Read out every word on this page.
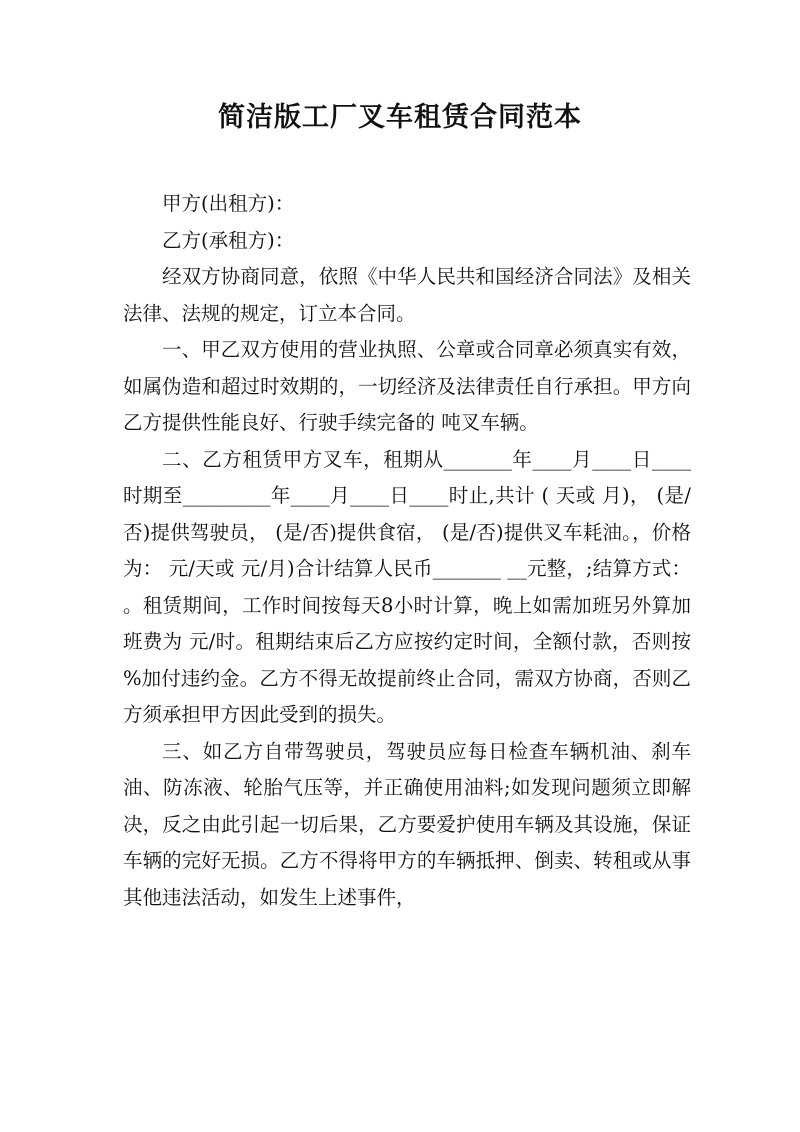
简洁版工厂叉车租赁合同范本

甲方(出租方)：

乙方(承租方)：

经双方协商同意，依照《中华人民共和国经济合同法》及相关法律、法规的规定，订立本合同。

一、甲乙双方使用的营业执照、公章或合同章必须真实有效，如属伪造和超过时效期的，一切经济及法律责任自行承担。甲方向乙方提供性能良好、行驶手续完备的 吨叉车辆。

二、乙方租赁甲方叉车，租期从_______年____月____日____时期至_________年____月____日____时止,共计 ( 天或 月)， (是/否)提供驾驶员， (是/否)提供食宿， (是/否)提供叉车耗油。，价格为： 元/天或 元/月)合计结算人民币_______ __元整，;结算方式： 。租赁期间，工作时间按每天8小时计算，晚上如需加班另外算加班费为 元/时。租期结束后乙方应按约定时间，全额付款，否则按 %加付违约金。乙方不得无故提前终止合同，需双方协商，否则乙方须承担甲方因此受到的损失。

三、如乙方自带驾驶员，驾驶员应每日检查车辆机油、刹车油、防冻液、轮胎气压等，并正确使用油料;如发现问题须立即解决，反之由此引起一切后果，乙方要爱护使用车辆及其设施，保证车辆的完好无损。乙方不得将甲方的车辆抵押、倒卖、转租或从事其他违法活动，如发生上述事件，
